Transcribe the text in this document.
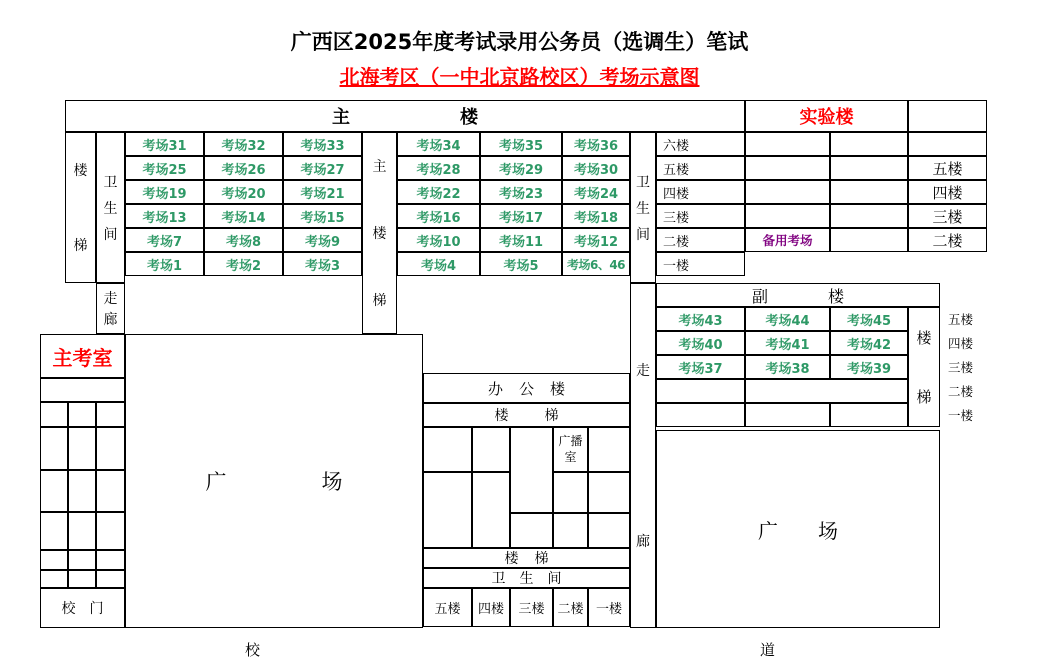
广西区2025年度考试录用公务员（选调生）笔试
北海考区（一中北京路校区）考场示意图
主	楼	实验楼
楼
梯
卫
生
间
考场31	考场32	考场33
考场25	考场26	考场27
考场19	考场20	考场21
考场13	考场14	考场15
考场7	考场8	考场9
考场1	考场2	考场3
主
楼
梯
考场34	考场35	考场36
考场28	考场29	考场30
考场22	考场23	考场24
考场16	考场17	考场18
考场10	考场11	考场12
考场4	考场5	考场6、46
卫
生
间
六楼
五楼
四楼
三楼
二楼
一楼
备用考场
五楼
四楼
三楼
二楼
走
廊
主考室
校 门
广	场
办 公 楼
楼	梯
广播室
楼 梯
卫 生 间
五楼	四楼	三楼 二楼 一楼
走
廊
副	楼
考场43	考场44	考场45
考场40	考场41	考场42
考场37	考场38	考场39
楼
梯
五楼
四楼
三楼
二楼
一楼
广 场
校	道
